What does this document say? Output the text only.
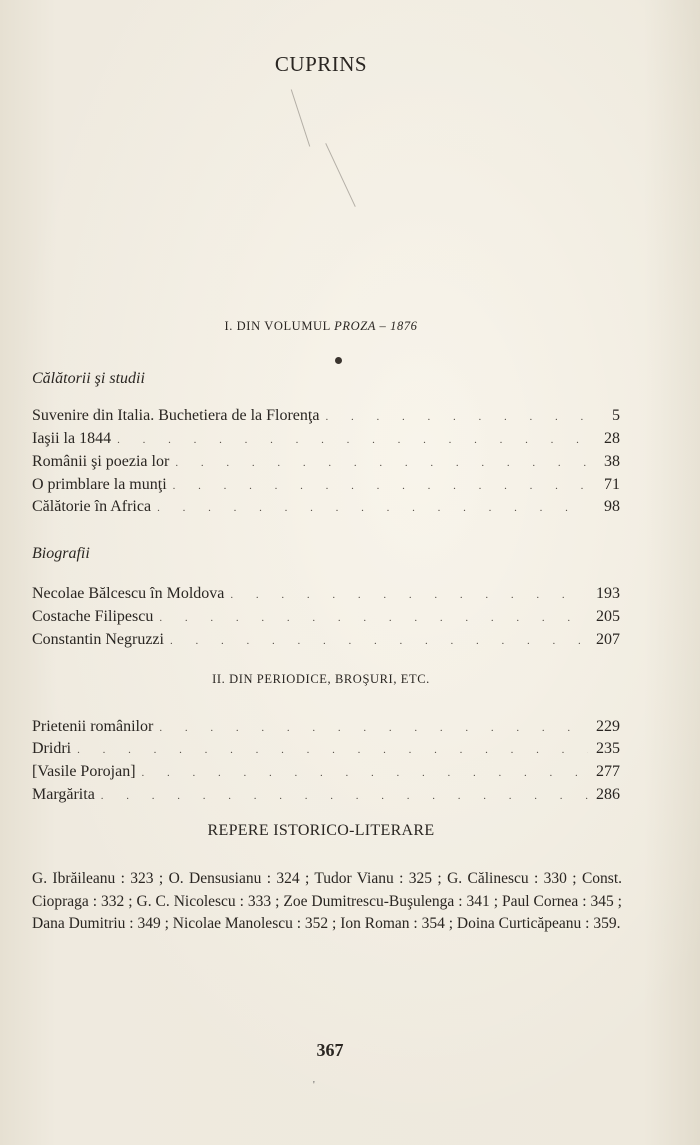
CUPRINS
I. DIN VOLUMUL PROZA – 1876
Călătorii şi studii
Suvenire din Italia. Buchetiera de la Florenţa . . .	5
Iaşii la 1844 . . .	28
Românii şi poezia lor . . .	38
O primblare la munţi . . .	71
Călătorie în Africa . . .	98
Biografii
Necolae Bălcescu în Moldova . . .	193
Costache Filipescu . . .	205
Constantin Negruzzi . . .	207
II. DIN PERIODICE, BROŞURI, ETC.
Prietenii românilor . . .	229
Dridri . . .	235
[Vasile Porojan] . . .	277
Margărita . . .	286
REPERE ISTORICO-LITERARE
G. Ibrăileanu : 323 ; O. Densusianu : 324 ; Tudor Vianu : 325 ; G. Călinescu : 330 ; Const. Ciopraga : 332 ; G. C. Nicolescu : 333 ; Zoe Dumitrescu-Buşulenga : 341 ; Paul Cornea : 345 ; Dana Dumitriu : 349 ; Nicolae Manolescu : 352 ; Ion Roman : 354 ; Doina Curticăpeanu : 359.
367
'
